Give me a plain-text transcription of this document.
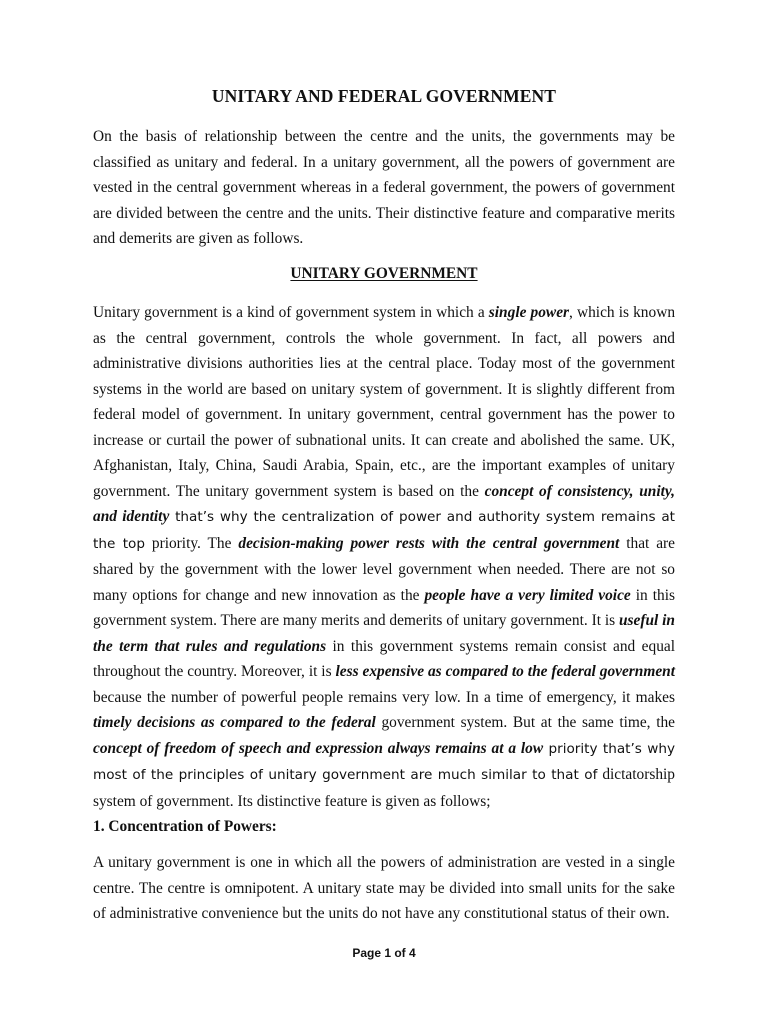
UNITARY AND FEDERAL GOVERNMENT

On the basis of relationship between the centre and the units, the governments may be classified as unitary and federal. In a unitary government, all the powers of government are vested in the central government whereas in a federal government, the powers of government are divided between the centre and the units. Their distinctive feature and comparative merits and demerits are given as follows.

UNITARY GOVERNMENT

Unitary government is a kind of government system in which a single power, which is known as the central government, controls the whole government. In fact, all powers and administrative divisions authorities lies at the central place. Today most of the government systems in the world are based on unitary system of government. It is slightly different from federal model of government. In unitary government, central government has the power to increase or curtail the power of subnational units. It can create and abolished the same. UK, Afghanistan, Italy, China, Saudi Arabia, Spain, etc., are the important examples of unitary government. The unitary government system is based on the concept of consistency, unity, and identity that’s why the centralization of power and authority system remains at the top priority. The decision-making power rests with the central government that are shared by the government with the lower level government when needed. There are not so many options for change and new innovation as the people have a very limited voice in this government system. There are many merits and demerits of unitary government. It is useful in the term that rules and regulations in this government systems remain consist and equal throughout the country. Moreover, it is less expensive as compared to the federal government because the number of powerful people remains very low. In a time of emergency, it makes timely decisions as compared to the federal government system. But at the same time, the concept of freedom of speech and expression always remains at a low priority that’s why most of the principles of unitary government are much similar to that of dictatorship system of government. Its distinctive feature is given as follows;

1. Concentration of Powers:

A unitary government is one in which all the powers of administration are vested in a single centre. The centre is omnipotent. A unitary state may be divided into small units for the sake of administrative convenience but the units do not have any constitutional status of their own.

Page 1 of 4
